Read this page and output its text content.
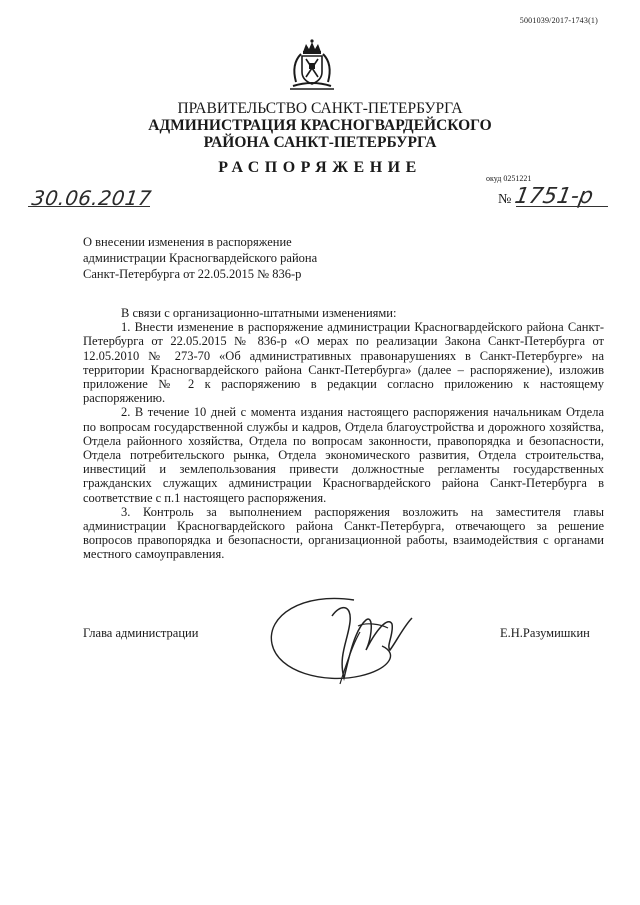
5001039/2017-1743(1)
ПРАВИТЕЛЬСТВО САНКТ-ПЕТЕРБУРГА
АДМИНИСТРАЦИЯ КРАСНОГВАРДЕЙСКОГО
РАЙОНА САНКТ-ПЕТЕРБУРГА
РАСПОРЯЖЕНИЕ
окуд 0251221
30.06.2017	№ 1751-р
О внесении изменения в распоряжение
администрации Красногвардейского района
Санкт-Петербурга от 22.05.2015 № 836-р
В связи с организационно-штатными изменениями:

1. Внести изменение в распоряжение администрации Красногвардейского района Санкт-Петербурга от 22.05.2015 № 836-р «О мерах по реализации Закона Санкт-Петербурга от 12.05.2010 № 273-70 «Об административных правонарушениях в Санкт-Петербурге» на территории Красногвардейского района Санкт-Петербурга» (далее – распоряжение), изложив приложение № 2 к распоряжению в редакции согласно приложению к настоящему распоряжению.

2. В течение 10 дней с момента издания настоящего распоряжения начальникам Отдела по вопросам государственной службы и кадров, Отдела благоустройства и дорожного хозяйства, Отдела районного хозяйства, Отдела по вопросам законности, правопорядка и безопасности, Отдела потребительского рынка, Отдела экономического развития, Отдела строительства, инвестиций и землепользования привести должностные регламенты государственных гражданских служащих администрации Красногвардейского района Санкт-Петербурга в соответствие с п.1 настоящего распоряжения.

3. Контроль за выполнением распоряжения возложить на заместителя главы администрации Красногвардейского района Санкт-Петербурга, отвечающего за решение вопросов правопорядка и безопасности, организационной работы, взаимодействия с органами местного самоуправления.

Глава администрации	Е.Н.Разумишкин
